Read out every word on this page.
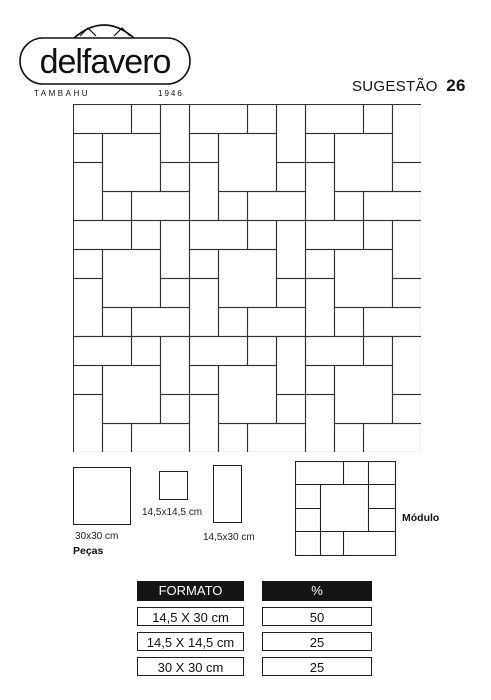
delfavero
TAMBAHU	1946	SUGESTÃO 26
30x30 cm
Peças
14,5x14,5 cm
14,5x30 cm
Módulo
FORMATO		%

14,5 X 30 cm		50

14,5 X 14,5 cm		25

30 X 30 cm		25
